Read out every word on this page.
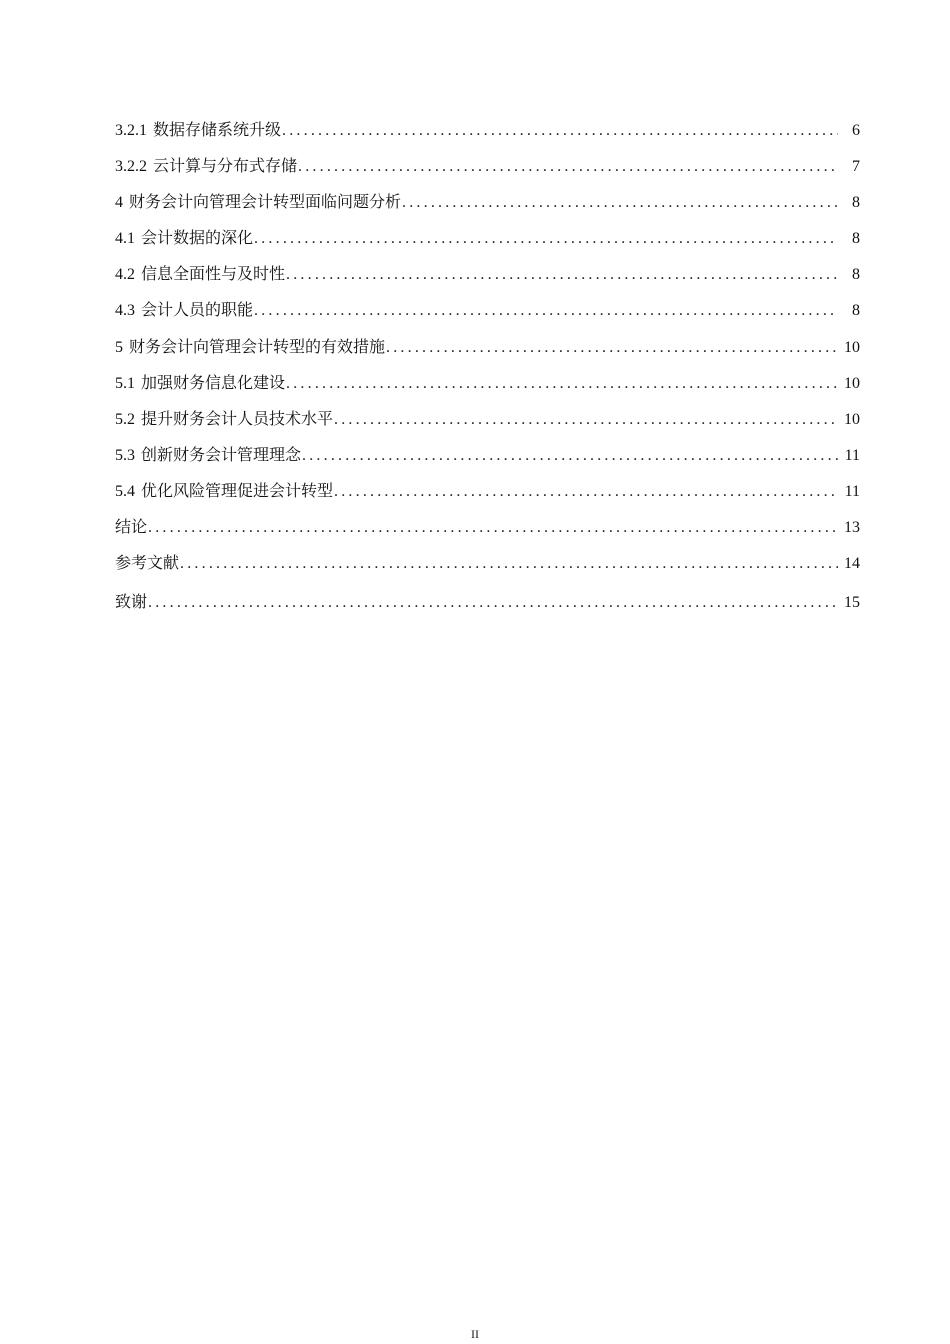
3.2.1 数据存储系统升级 .....	6
3.2.2 云计算与分布式存储 .....	7
4 财务会计向管理会计转型面临问题分析 .....	8
4.1 会计数据的深化 .....	8
4.2 信息全面性与及时性 .....	8
4.3 会计人员的职能 .....	8
5 财务会计向管理会计转型的有效措施 .....	10
5.1 加强财务信息化建设 .....	10
5.2 提升财务会计人员技术水平 .....	10
5.3 创新财务会计管理理念 .....	11
5.4 优化风险管理促进会计转型 .....	11
结论 .....	13
参考文献 .....	14
致谢 .....	15
II
